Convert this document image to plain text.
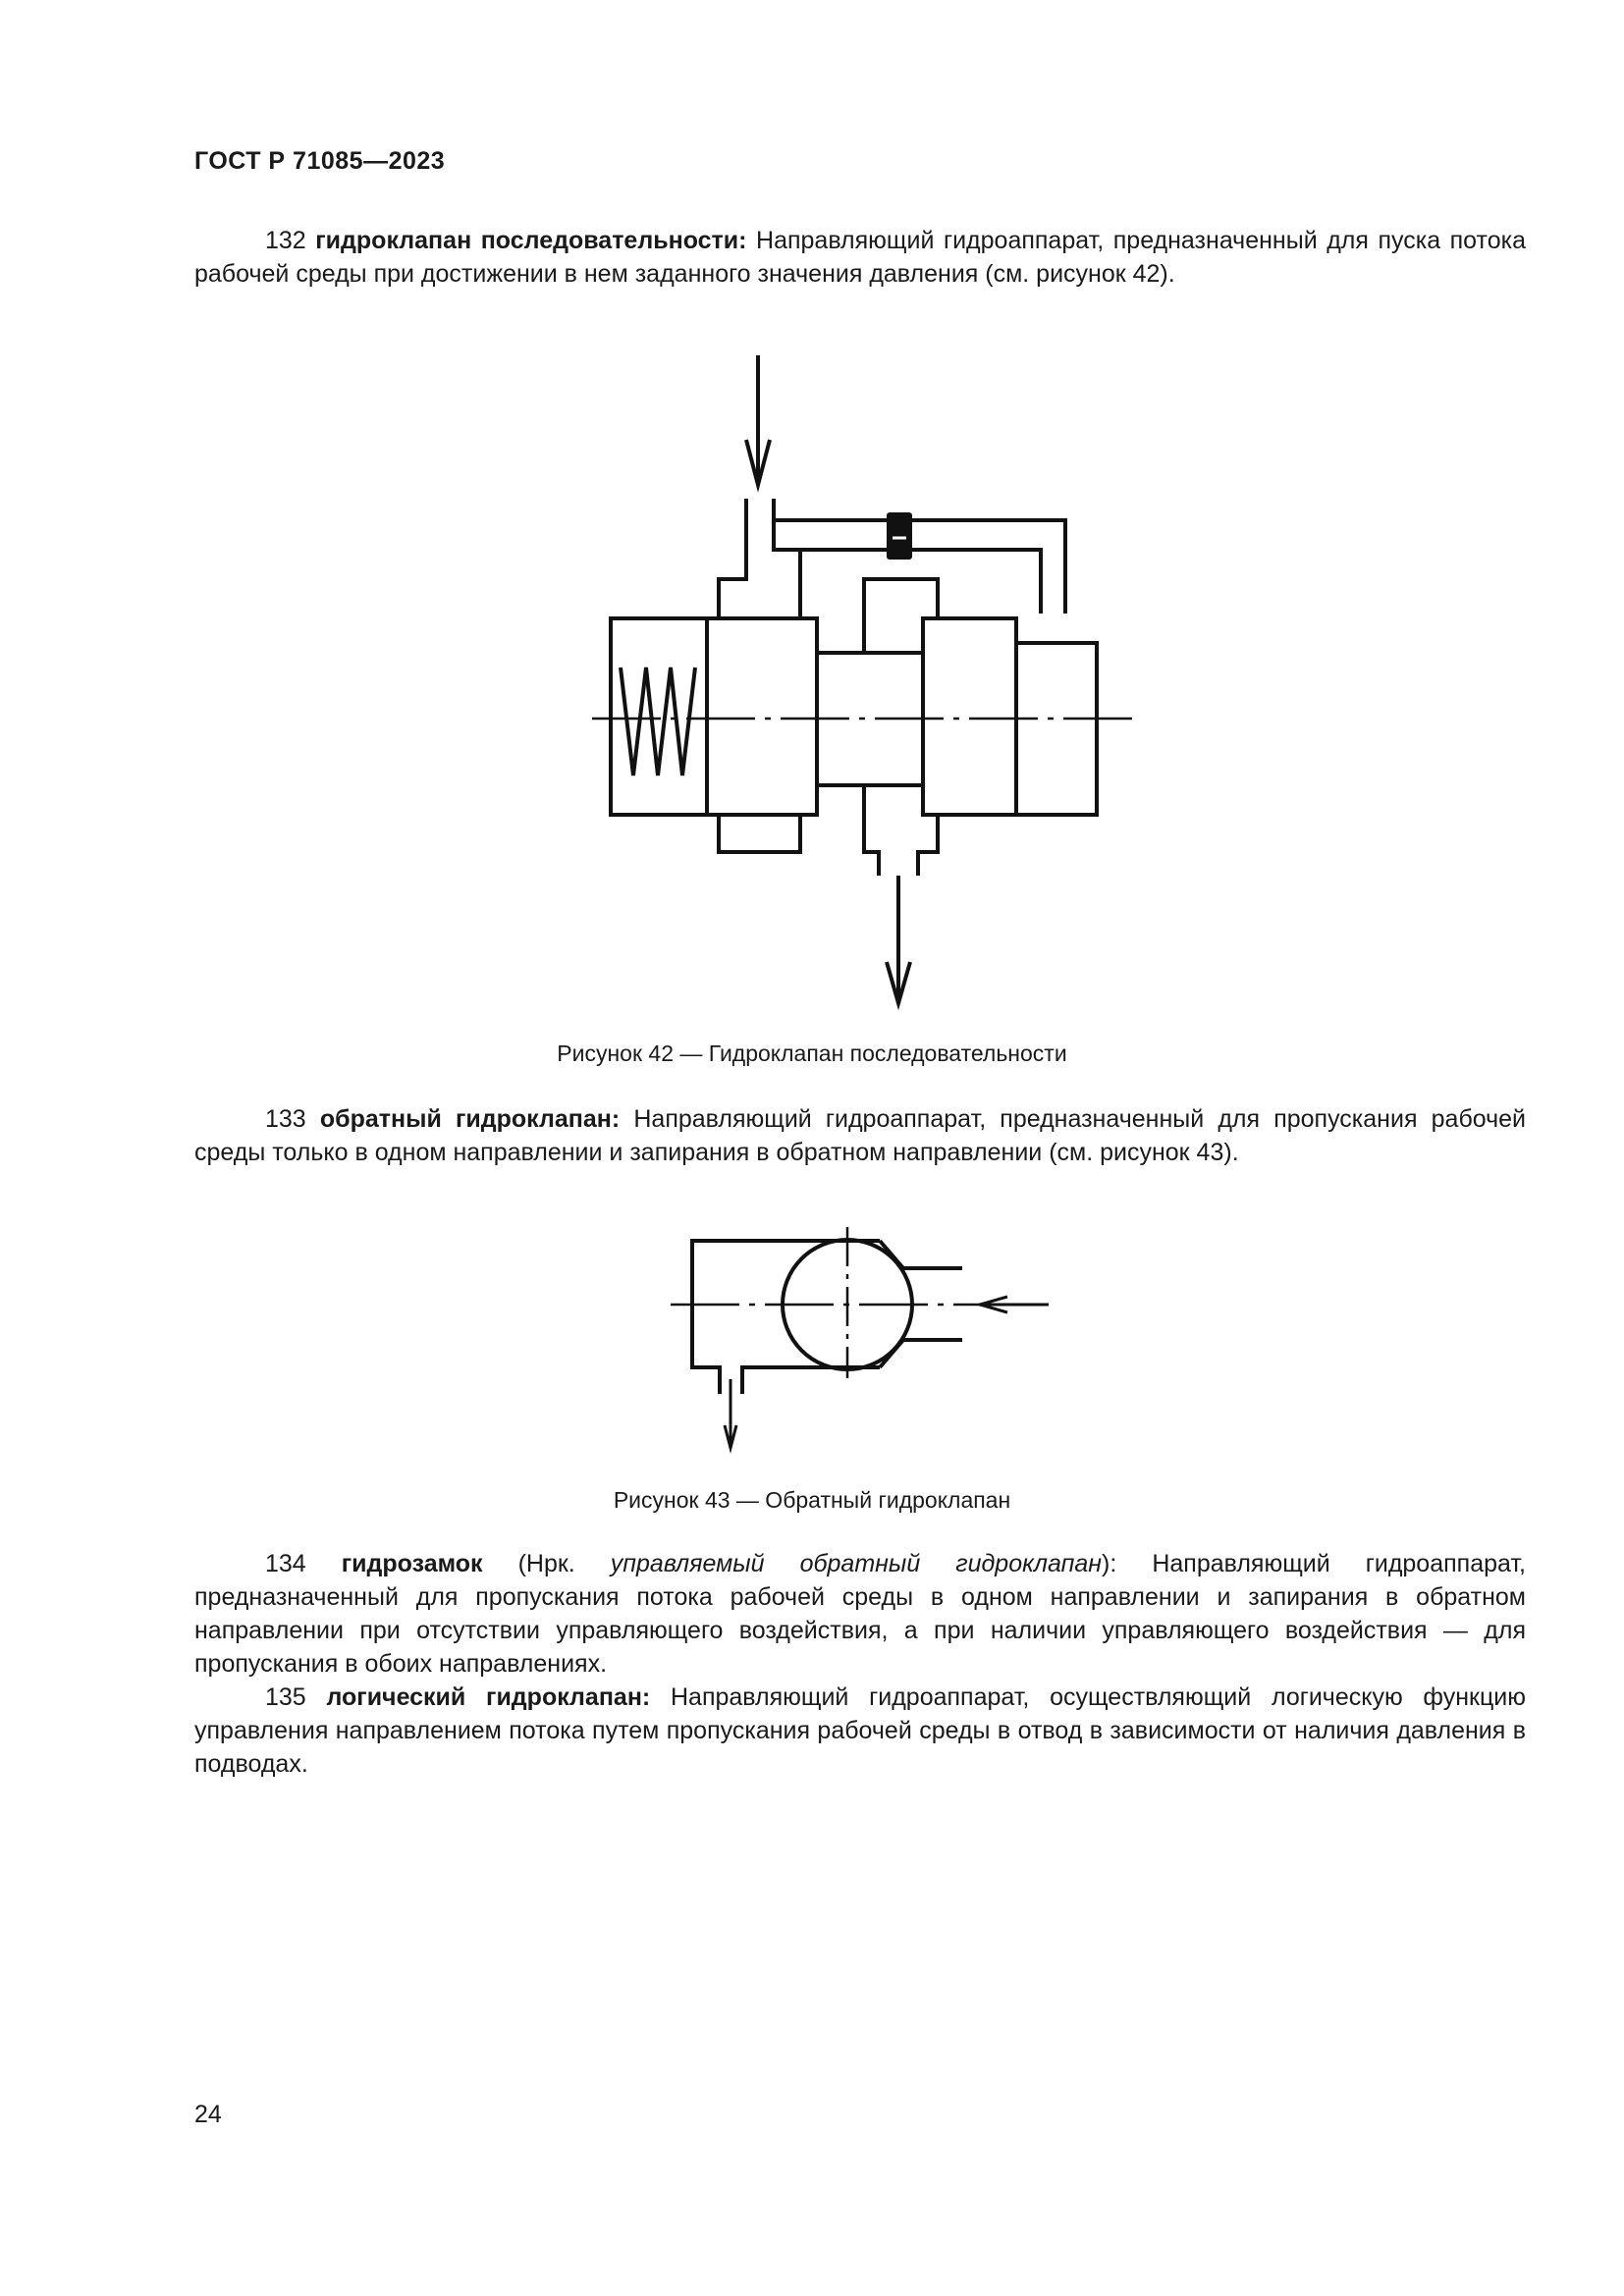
ГОСТ Р 71085—2023
132 гидроклапан последовательности: Направляющий гидроаппарат, предназначенный для пуска потока рабочей среды при достижении в нем заданного значения давления (см. рисунок 42).
Рисунок 42 — Гидроклапан последовательности
133 обратный гидроклапан: Направляющий гидроаппарат, предназначенный для пропускания рабочей среды только в одном направлении и запирания в обратном направлении (см. рисунок 43).
Рисунок 43 — Обратный гидроклапан
134 гидрозамок (Нрк. управляемый обратный гидроклапан): Направляющий гидроаппарат, предназначенный для пропускания потока рабочей среды в одном направлении и запирания в обратном направлении при отсутствии управляющего воздействия, а при наличии управляющего воздействия — для пропускания в обоих направлениях.
135 логический гидроклапан: Направляющий гидроаппарат, осуществляющий логическую функцию управления направлением потока путем пропускания рабочей среды в отвод в зависимости от наличия давления в подводах.
24
